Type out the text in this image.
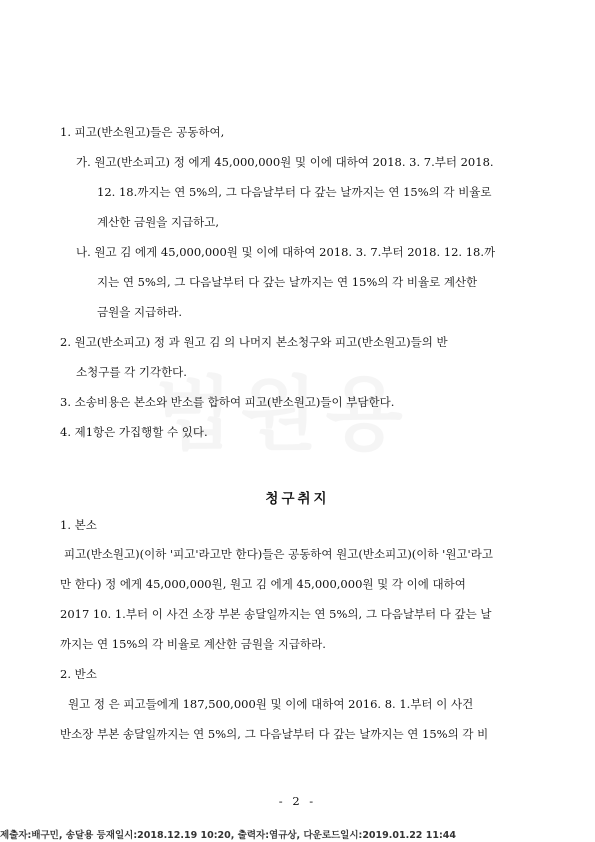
1. 피고(반소원고)들은 공동하여,
가. 원고(반소피고) 정 에게 45,000,000원 및 이에 대하여 2018. 3. 7.부터 2018.
12. 18.까지는 연 5%의, 그 다음날부터 다 갚는 날까지는 연 15%의 각 비율로
계산한 금원을 지급하고,
나. 원고 김 에게 45,000,000원 및 이에 대하여 2018. 3. 7.부터 2018. 12. 18.까
지는 연 5%의, 그 다음날부터 다 갚는 날까지는 연 15%의 각 비율로 계산한
금원을 지급하라.
2. 원고(반소피고) 정 과 원고 김 의 나머지 본소청구와 피고(반소원고)들의 반
소청구를 각 기각한다.
3. 소송비용은 본소와 반소를 합하여 피고(반소원고)들이 부담한다.
4. 제1항은 가집행할 수 있다.
청구취지
1. 본소
피고(반소원고)(이하 '피고'라고만 한다)들은 공동하여 원고(반소피고)(이하 '원고'라고
만 한다) 정 에게 45,000,000원, 원고 김 에게 45,000,000원 및 각 이에 대하여
2017 10. 1.부터 이 사건 소장 부본 송달일까지는 연 5%의, 그 다음날부터 다 갚는 날
까지는 연 15%의 각 비율로 계산한 금원을 지급하라.
2. 반소
원고 정 은 피고들에게 187,500,000원 및 이에 대하여 2016. 8. 1.부터 이 사건
반소장 부본 송달일까지는 연 5%의, 그 다음날부터 다 갚는 날까지는 연 15%의 각 비
- 2 -
제출자:배구민, 송달용 등재일시:2018.12.19 10:20, 출력자:염규상, 다운로드일시:2019.01.22 11:44
